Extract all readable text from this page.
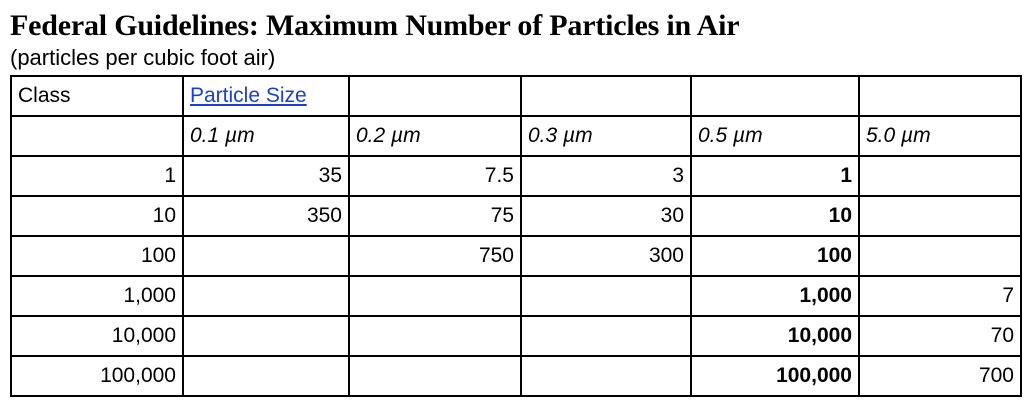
Federal Guidelines: Maximum Number of Particles in Air
(particles per cubic foot air)
Class	Particle Size				
	0.1 µm	0.2 µm	0.3 µm	0.5 µm	5.0 µm
1	35	7.5	3	1	
10	350	75	30	10	
100		750	300	100	
1,000				1,000	7
10,000				10,000	70
100,000				100,000	700
